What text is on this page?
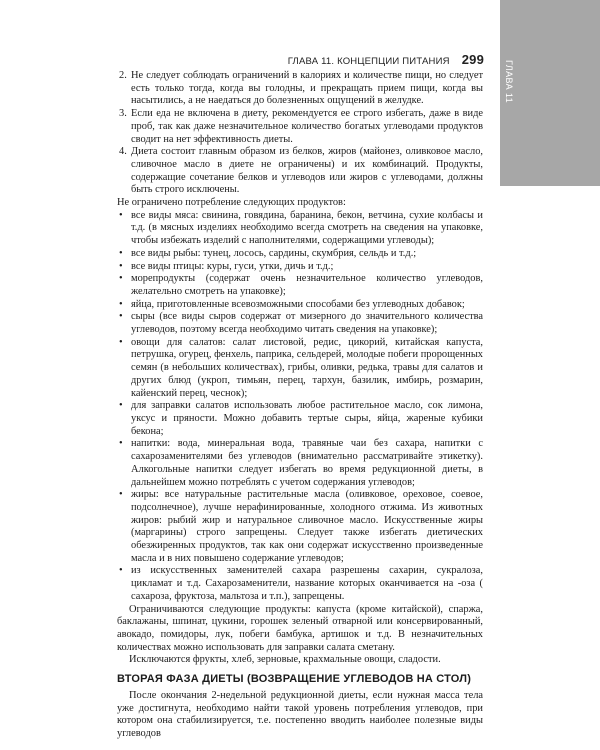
ГЛАВА 11
ГЛАВА 11. КОНЦЕПЦИИ ПИТАНИЯ 299
2. Не следует соблюдать ограничений в калориях и количестве пищи, но следует есть только тогда, когда вы голодны, и прекращать прием пищи, когда вы насытились, а не наедаться до болезненных ощущений в желудке.
3. Если еда не включена в диету, рекомендуется ее строго избегать, даже в виде проб, так как даже незначительное количество богатых углеводами продуктов сводит на нет эффективность диеты.
4. Диета состоит главным образом из белков, жиров (майонез, оливковое масло, сливочное масло в диете не ограничены) и их комбинаций. Продукты, содержащие сочетание белков и углеводов или жиров с углеводами, должны быть строго исключены.

Не ограничено потребление следующих продуктов:

• все виды мяса: свинина, говядина, баранина, бекон, ветчина, сухие колбасы и т.д. (в мясных изделиях необходимо всегда смотреть на сведения на упаковке, чтобы избежать изделий с наполнителями, содержащими углеводы);
• все виды рыбы: тунец, лосось, сардины, скумбрия, сельдь и т.д.;
• все виды птицы: куры, гуси, утки, дичь и т.д.;
• морепродукты (содержат очень незначительное количество углеводов, желательно смотреть на упаковке);
• яйца, приготовленные всевозможными способами без углеводных добавок;
• сыры (все виды сыров содержат от мизерного до значительного количества углеводов, поэтому всегда необходимо читать сведения на упаковке);
• овощи для салатов: салат листовой, редис, цикорий, китайская капуста, петрушка, огурец, фенхель, паприка, сельдерей, молодые побеги пророщенных семян (в небольших количествах), грибы, оливки, редька, травы для салатов и других блюд (укроп, тимьян, перец, тархун, базилик, имбирь, розмарин, кайенский перец, чеснок);
• для заправки салатов использовать любое растительное масло, сок лимона, уксус и пряности. Можно добавить тертые сыры, яйца, жареные кубики бекона;
• напитки: вода, минеральная вода, травяные чаи без сахара, напитки с сахарозаменителями без углеводов (внимательно рассматривайте этикетку). Алкогольные напитки следует избегать во время редукционной диеты, в дальнейшем можно потреблять с учетом содержания углеводов;
• жиры: все натуральные растительные масла (оливковое, ореховое, соевое, подсолнечное), лучше нерафинированные, холодного отжима. Из животных жиров: рыбий жир и натуральное сливочное масло. Искусственные жиры (маргарины) строго запрещены. Следует также избегать диетических обезжиренных продуктов, так как они содержат искусственно произведенные масла и в них повышено содержание углеводов;
• из искусственных заменителей сахара разрешены сахарин, сукралоза, цикламат и т.д. Сахарозаменители, название которых оканчивается на -оза ( сахароза, фруктоза, мальтоза и т.п.), запрещены.

Ограничиваются следующие продукты: капуста (кроме китайской), спаржа, баклажаны, шпинат, цукини, горошек зеленый отварной или консервированный, авокадо, помидоры, лук, побеги бамбука, артишок и т.д. В незначительных количествах можно использовать для заправки салата сметану.

Исключаются фрукты, хлеб, зерновые, крахмальные овощи, сладости.

ВТОРАЯ ФАЗА ДИЕТЫ (ВОЗВРАЩЕНИЕ УГЛЕВОДОВ НА СТОЛ)

После окончания 2-недельной редукционной диеты, если нужная масса тела уже достигнута, необходимо найти такой уровень потребления углеводов, при котором она стабилизируется, т.е. постепенно вводить наиболее полезные виды углеводов
